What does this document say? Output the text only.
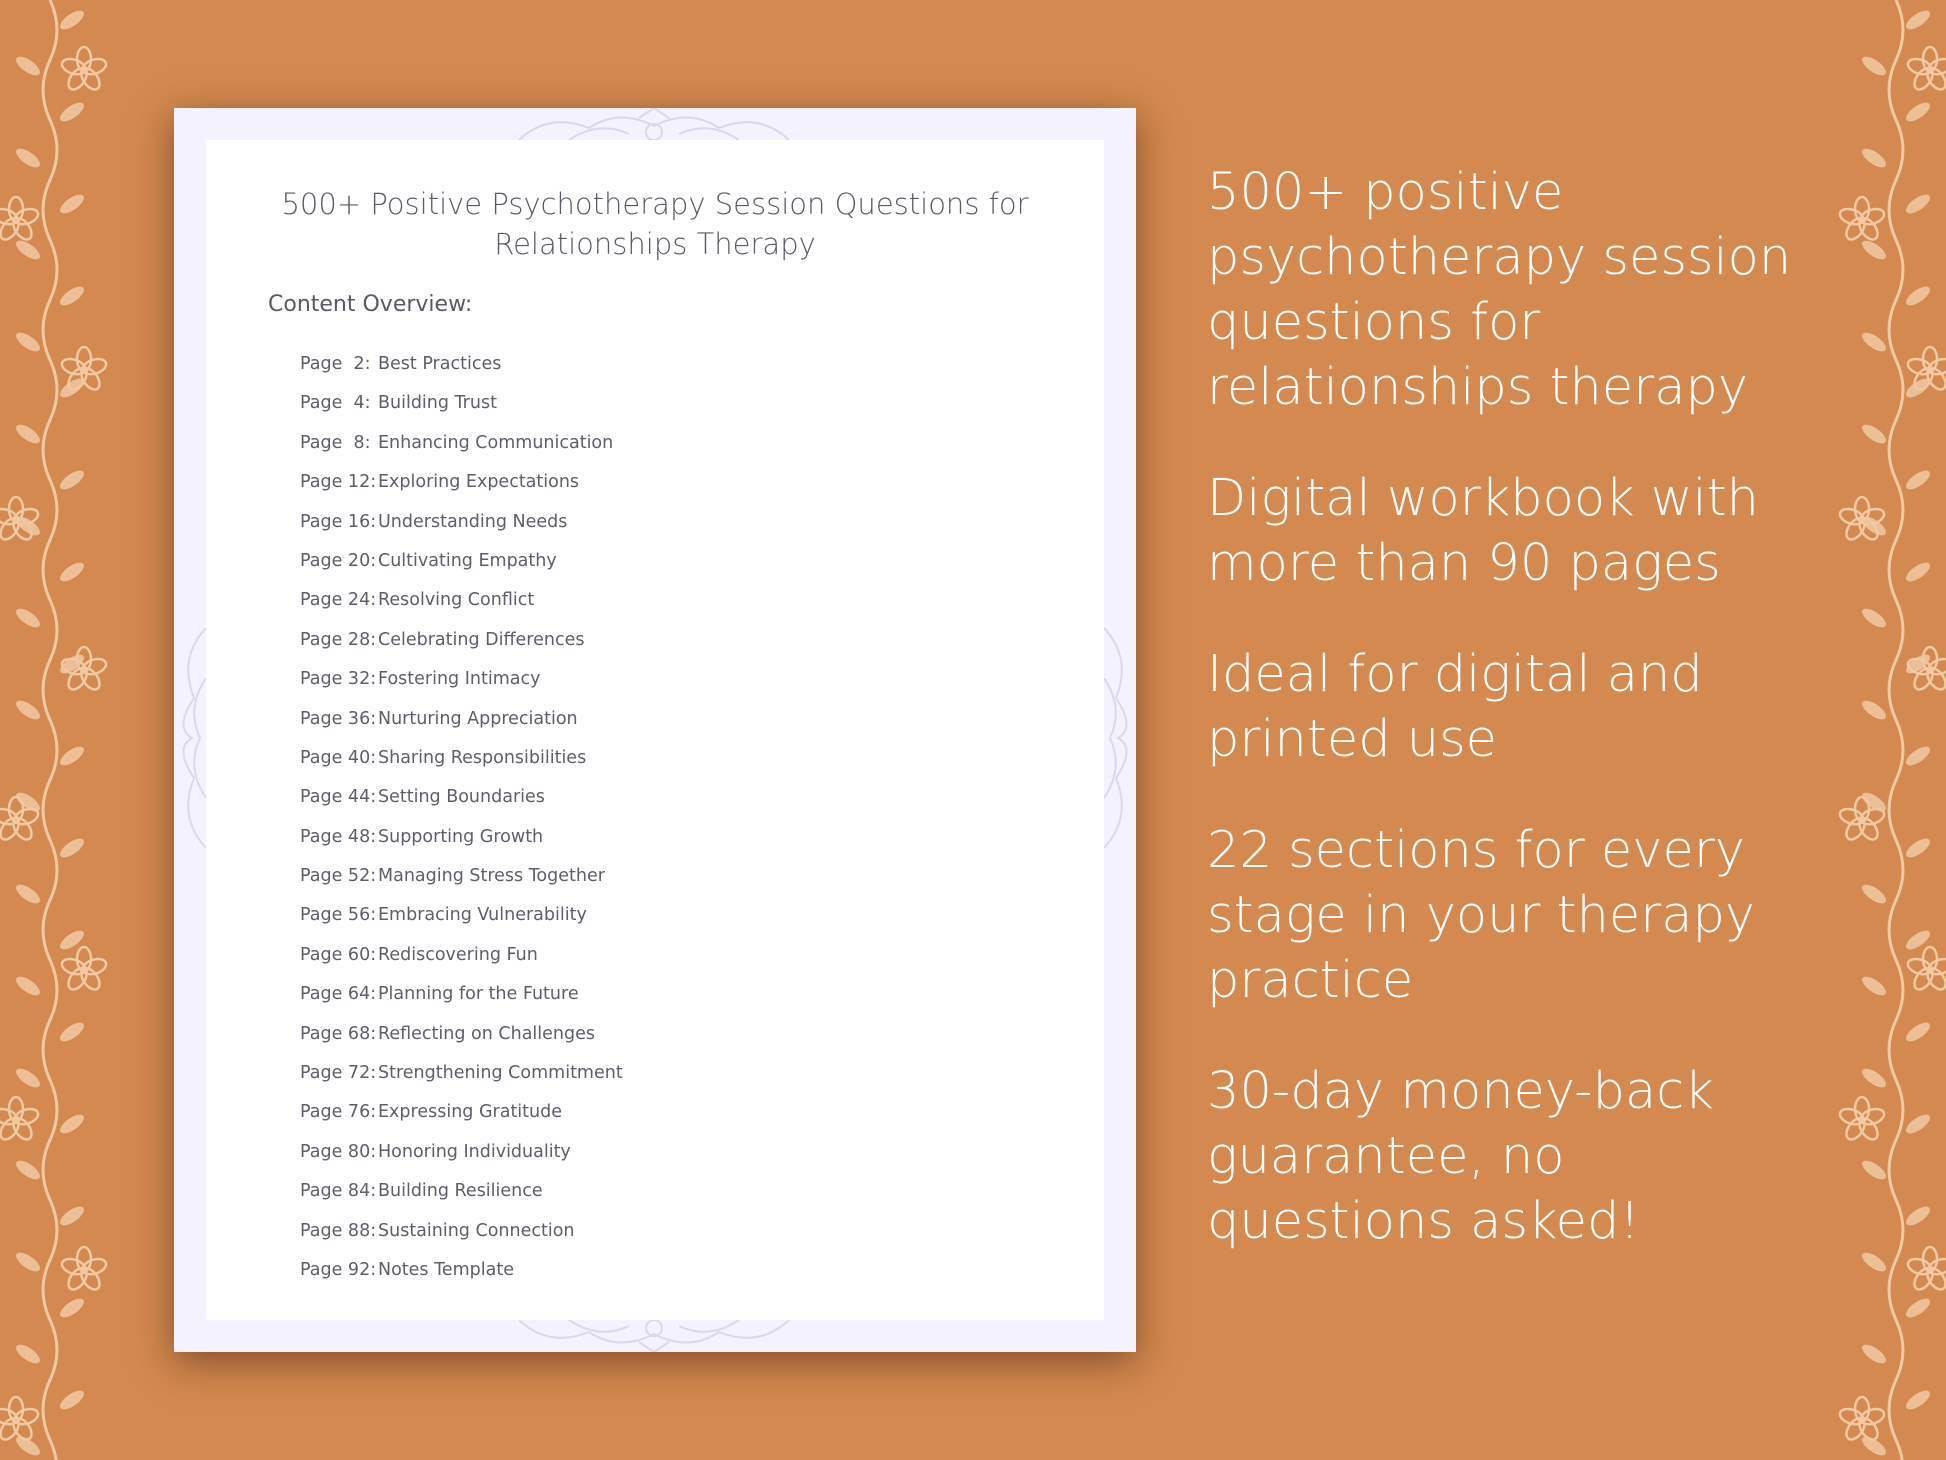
500+ Positive Psychotherapy Session Questions for
Relationships Therapy
Content Overview:
Page  2: Best Practices
Page  4: Building Trust
Page  8: Enhancing Communication
Page 12: Exploring Expectations
Page 16: Understanding Needs
Page 20: Cultivating Empathy
Page 24: Resolving Conflict
Page 28: Celebrating Differences
Page 32: Fostering Intimacy
Page 36: Nurturing Appreciation
Page 40: Sharing Responsibilities
Page 44: Setting Boundaries
Page 48: Supporting Growth
Page 52: Managing Stress Together
Page 56: Embracing Vulnerability
Page 60: Rediscovering Fun
Page 64: Planning for the Future
Page 68: Reflecting on Challenges
Page 72: Strengthening Commitment
Page 76: Expressing Gratitude
Page 80: Honoring Individuality
Page 84: Building Resilience
Page 88: Sustaining Connection
Page 92: Notes Template
500+ positive
psychotherapy session
questions for
relationships therapy
Digital workbook with
more than 90 pages
Ideal for digital and
printed use
22 sections for every
stage in your therapy
practice
30-day money-back
guarantee, no
questions asked!
